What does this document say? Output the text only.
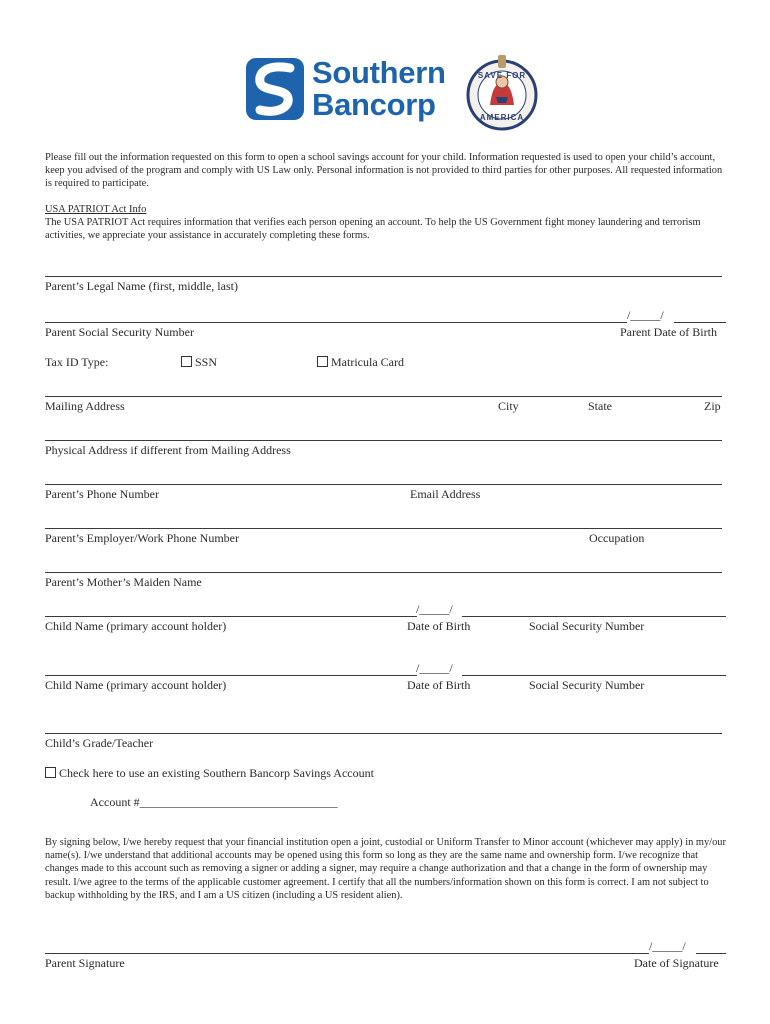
Southern
Bancorp
SAVE FOR
AMERICA
Please fill out the information requested on this form to open a school savings account for your child. Information requested is used to open your child’s account, keep you advised of the program and comply with US Law only. Personal information is not provided to third parties for other purposes. All requested information is required to participate.
USA PATRIOT Act Info
The USA PATRIOT Act requires information that verifies each person opening an account. To help the US Government fight money laundering and terrorism activities, we appreciate your assistance in accurately completing these forms.
Parent’s Legal Name (first, middle, last)
/_____/
Parent Social Security Number	Parent Date of Birth
Tax ID Type:	SSN	Matricula Card
Mailing Address	City	State	Zip
Physical Address if different from Mailing Address
Parent’s Phone Number	Email Address
Parent’s Employer/Work Phone Number	Occupation
Parent’s Mother’s Maiden Name
/_____/
Child Name (primary account holder)	Date of Birth	Social Security Number
/_____/
Child Name (primary account holder)	Date of Birth	Social Security Number
Child’s Grade/Teacher
Check here to use an existing Southern Bancorp Savings Account
Account #_________________________________
By signing below, I/we hereby request that your financial institution open a joint, custodial or Uniform Transfer to Minor account (whichever may apply) in my/our name(s). I/we understand that additional accounts may be opened using this form so long as they are the same name and ownership form. I/we recognize that changes made to this account such as removing a signer or adding a signer, may require a change authorization and that a change in the form of ownership may result. I/we agree to the terms of the applicable customer agreement. I certify that all the numbers/information shown on this form is correct. I am not subject to backup withholding by the IRS, and I am a US citizen (including a US resident alien).
/_____/
Parent Signature	Date of Signature
